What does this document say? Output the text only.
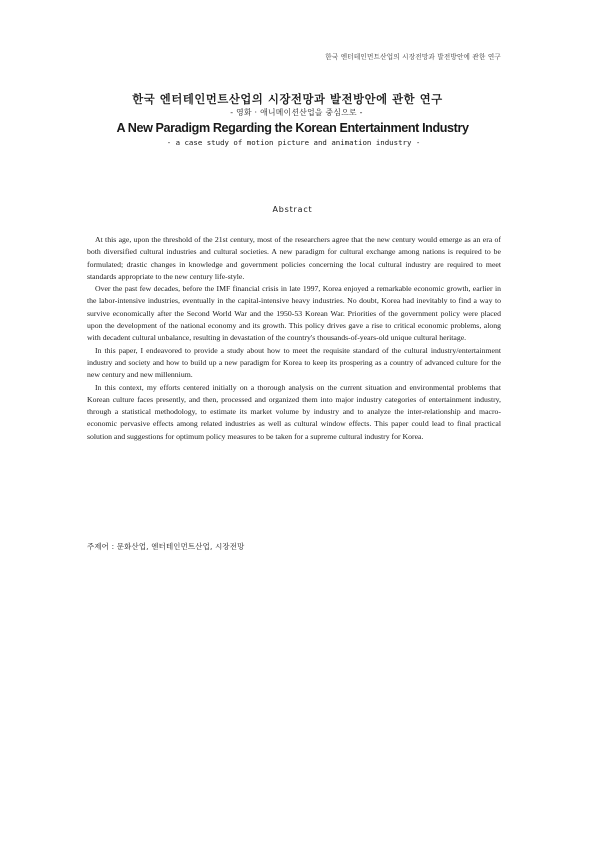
한국 엔터테인먼트산업의 시장전망과 발전방안에 관한 연구
한국 엔터테인먼트산업의 시장전망과 발전방안에 관한 연구
- 영화 · 애니메이션산업을 중심으로 -
A New Paradigm Regarding the Korean Entertainment Industry
- a case study of motion picture and animation industry -
Abstract

At this age, upon the threshold of the 21st century, most of the researchers agree that the new century would emerge as an era of both diversified cultural industries and cultural societies. A new paradigm for cultural exchange among nations is required to be formulated; drastic changes in knowledge and government policies concerning the local cultural industry are required to meet standards appropriate to the new century life-style.

Over the past few decades, before the IMF financial crisis in late 1997, Korea enjoyed a remarkable economic growth, earlier in the labor-intensive industries, eventually in the capital-intensive heavy industries. No doubt, Korea had inevitably to find a way to survive economically after the Second World War and the 1950-53 Korean War. Priorities of the government policy were placed upon the development of the national economy and its growth. This policy drives gave a rise to critical economic problems, along with decadent cultural unbalance, resulting in devastation of the country's thousands-of-years-old unique cultural heritage.

In this paper, I endeavored to provide a study about how to meet the requisite standard of the cultural industry/entertainment industry and society and how to build up a new paradigm for Korea to keep its prospering as a country of advanced culture for the new century and new millennium.

In this context, my efforts centered initially on a thorough analysis on the current situation and environmental problems that Korean culture faces presently, and then, processed and organized them into major industry categories of entertainment industry, through a statistical methodology, to estimate its market volume by industry and to analyze the inter-relationship and macro-economic pervasive effects among related industries as well as cultural window effects. This paper could lead to final practical solution and suggestions for optimum policy measures to be taken for a supreme cultural industry for Korea.

주제어 : 문화산업, 엔터테인먼트산업, 시장전망
